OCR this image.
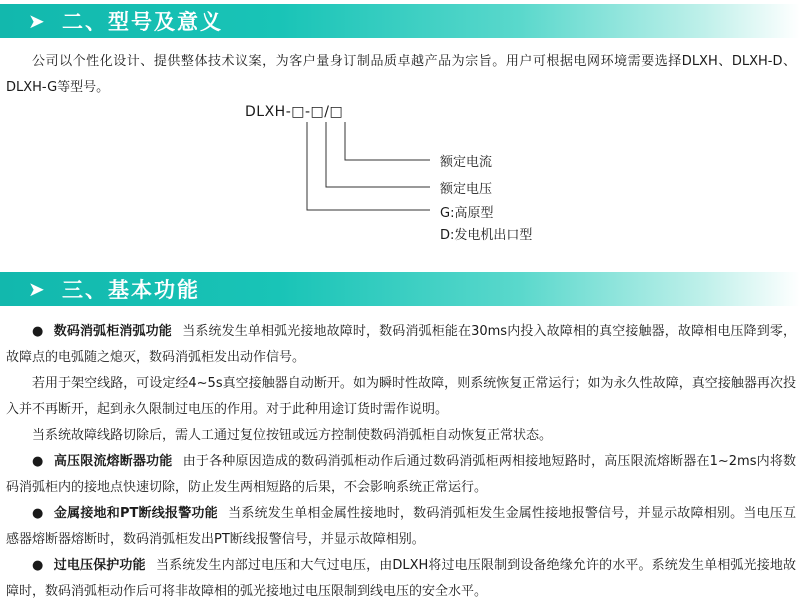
➤ 二、型号及意义
公司以个性化设计、提供整体技术议案，为客户量身订制品质卓越产品为宗旨。用户可根据电网环境需要选择DLXH、DLXH-D、DLXH-G等型号。
DLXH-□-□/□
额定电流
额定电压
G:高原型
D:发电机出口型
➤ 三、基本功能
● 数码消弧柜消弧功能 当系统发生单相弧光接地故障时，数码消弧柜能在30ms内投入故障相的真空接触器，故障相电压降到零，故障点的电弧随之熄灭，数码消弧柜发出动作信号。
若用于架空线路，可设定经4~5s真空接触器自动断开。如为瞬时性故障，则系统恢复正常运行；如为永久性故障，真空接触器再次投入并不再断开，起到永久限制过电压的作用。对于此种用途订货时需作说明。
当系统故障线路切除后，需人工通过复位按钮或远方控制使数码消弧柜自动恢复正常状态。
● 高压限流熔断器功能 由于各种原因造成的数码消弧柜动作后通过数码消弧柜两相接地短路时，高压限流熔断器在1~2ms内将数码消弧柜内的接地点快速切除，防止发生两相短路的后果，不会影响系统正常运行。
● 金属接地和PT断线报警功能 当系统发生单相金属性接地时，数码消弧柜发生金属性接地报警信号，并显示故障相别。当电压互感器熔断器熔断时，数码消弧柜发出PT断线报警信号，并显示故障相别。
● 过电压保护功能 当系统发生内部过电压和大气过电压，由DLXH将过电压限制到设备绝缘允许的水平。系统发生单相弧光接地故障时，数码消弧柜动作后可将非故障相的弧光接地过电压限制到线电压的安全水平。
